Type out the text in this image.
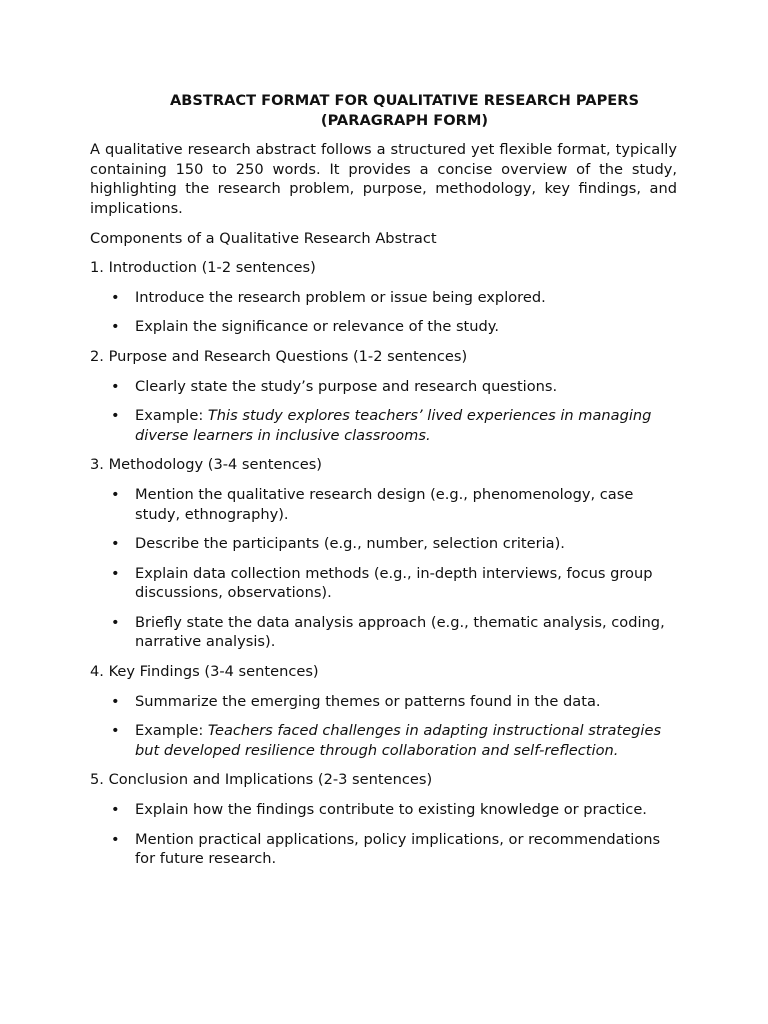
ABSTRACT FORMAT FOR QUALITATIVE RESEARCH PAPERS
(PARAGRAPH FORM)

A qualitative research abstract follows a structured yet flexible format, typically containing 150 to 250 words. It provides a concise overview of the study, highlighting the research problem, purpose, methodology, key findings, and implications.

Components of a Qualitative Research Abstract

1. Introduction (1-2 sentences)

• Introduce the research problem or issue being explored.
• Explain the significance or relevance of the study.

2. Purpose and Research Questions (1-2 sentences)

• Clearly state the study’s purpose and research questions.
• Example: This study explores teachers’ lived experiences in managing diverse learners in inclusive classrooms.

3. Methodology (3-4 sentences)

• Mention the qualitative research design (e.g., phenomenology, case study, ethnography).
• Describe the participants (e.g., number, selection criteria).
• Explain data collection methods (e.g., in-depth interviews, focus group discussions, observations).
• Briefly state the data analysis approach (e.g., thematic analysis, coding, narrative analysis).

4. Key Findings (3-4 sentences)

• Summarize the emerging themes or patterns found in the data.
• Example: Teachers faced challenges in adapting instructional strategies but developed resilience through collaboration and self-reflection.

5. Conclusion and Implications (2-3 sentences)

• Explain how the findings contribute to existing knowledge or practice.
• Mention practical applications, policy implications, or recommendations for future research.
